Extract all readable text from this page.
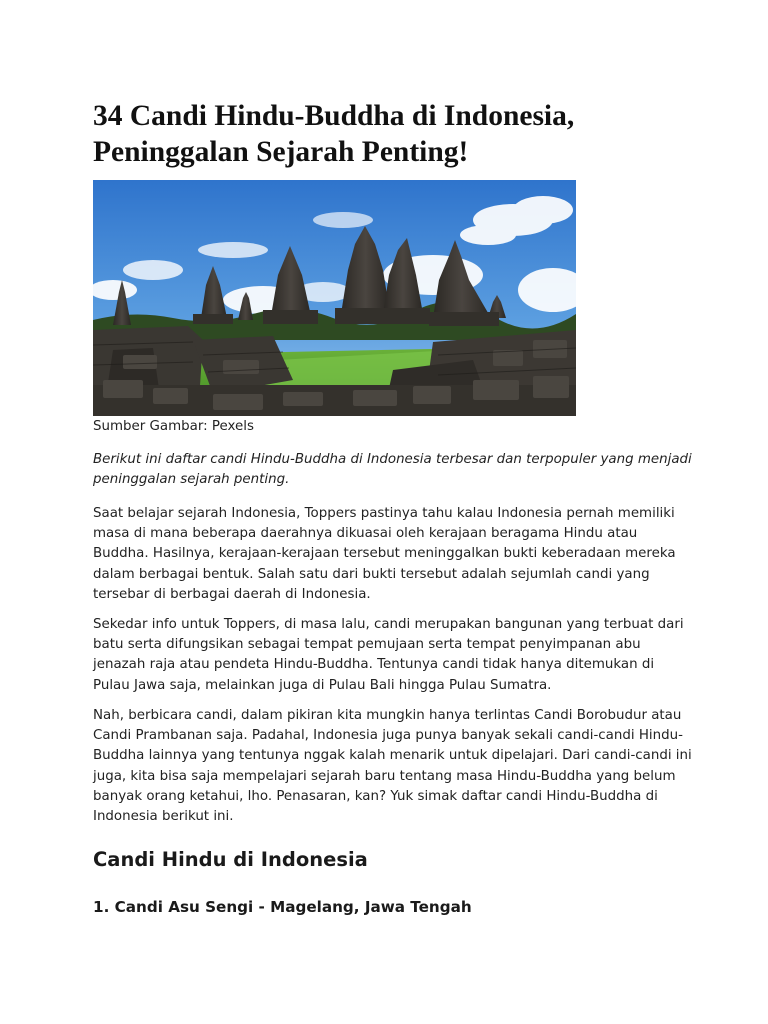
34 Candi Hindu-Buddha di Indonesia,
Peninggalan Sejarah Penting!

Sumber Gambar: Pexels

Berikut ini daftar candi Hindu-Buddha di Indonesia terbesar dan terpopuler yang menjadi peninggalan sejarah penting.

Saat belajar sejarah Indonesia, Toppers pastinya tahu kalau Indonesia pernah memiliki masa di mana beberapa daerahnya dikuasai oleh kerajaan beragama Hindu atau Buddha. Hasilnya, kerajaan-kerajaan tersebut meninggalkan bukti keberadaan mereka dalam berbagai bentuk. Salah satu dari bukti tersebut adalah sejumlah candi yang tersebar di berbagai daerah di Indonesia.

Sekedar info untuk Toppers, di masa lalu, candi merupakan bangunan yang terbuat dari batu serta difungsikan sebagai tempat pemujaan serta tempat penyimpanan abu jenazah raja atau pendeta Hindu-Buddha. Tentunya candi tidak hanya ditemukan di Pulau Jawa saja, melainkan juga di Pulau Bali hingga Pulau Sumatra.

Nah, berbicara candi, dalam pikiran kita mungkin hanya terlintas Candi Borobudur atau Candi Prambanan saja. Padahal, Indonesia juga punya banyak sekali candi-candi Hindu-Buddha lainnya yang tentunya nggak kalah menarik untuk dipelajari. Dari candi-candi ini juga, kita bisa saja mempelajari sejarah baru tentang masa Hindu-Buddha yang belum banyak orang ketahui, lho. Penasaran, kan? Yuk simak daftar candi Hindu-Buddha di Indonesia berikut ini.

Candi Hindu di Indonesia
1. Candi Asu Sengi - Magelang, Jawa Tengah
